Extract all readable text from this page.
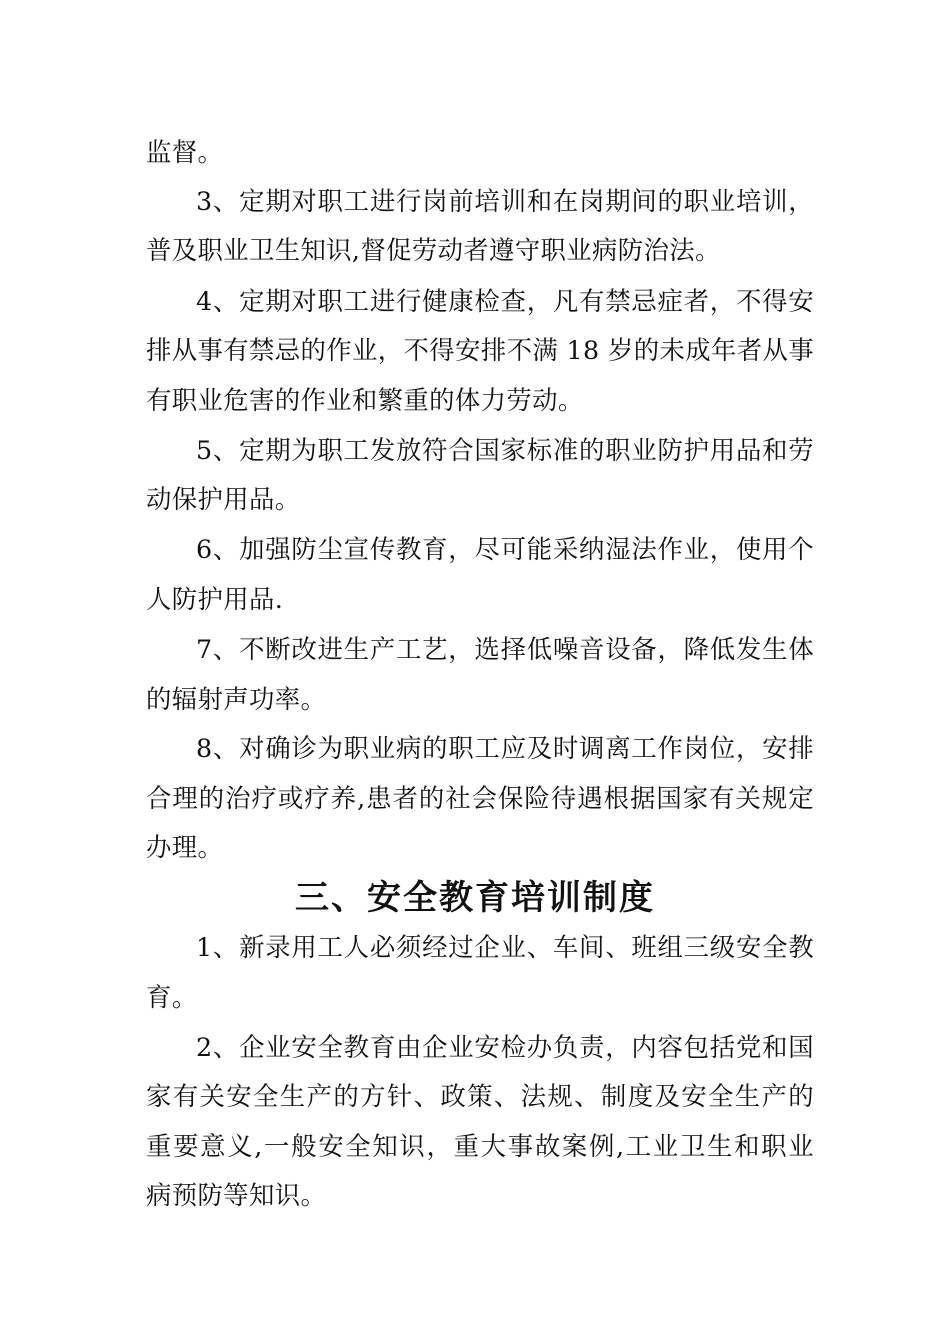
监督。
3、定期对职工进行岗前培训和在岗期间的职业培训，
普及职业卫生知识,督促劳动者遵守职业病防治法。
4、定期对职工进行健康检查，凡有禁忌症者，不得安
排从事有禁忌的作业，不得安排不满 18 岁的未成年者从事
有职业危害的作业和繁重的体力劳动。
5、定期为职工发放符合国家标准的职业防护用品和劳
动保护用品。
6、加强防尘宣传教育，尽可能采纳湿法作业，使用个
人防护用品.
7、不断改进生产工艺，选择低噪音设备，降低发生体
的辐射声功率。
8、对确诊为职业病的职工应及时调离工作岗位，安排
合理的治疗或疗养,患者的社会保险待遇根据国家有关规定
办理。
三、安全教育培训制度
1、新录用工人必须经过企业、车间、班组三级安全教
育。
2、企业安全教育由企业安检办负责，内容包括党和国
家有关安全生产的方针、政策、法规、制度及安全生产的
重要意义,一般安全知识，重大事故案例,工业卫生和职业
病预防等知识。
